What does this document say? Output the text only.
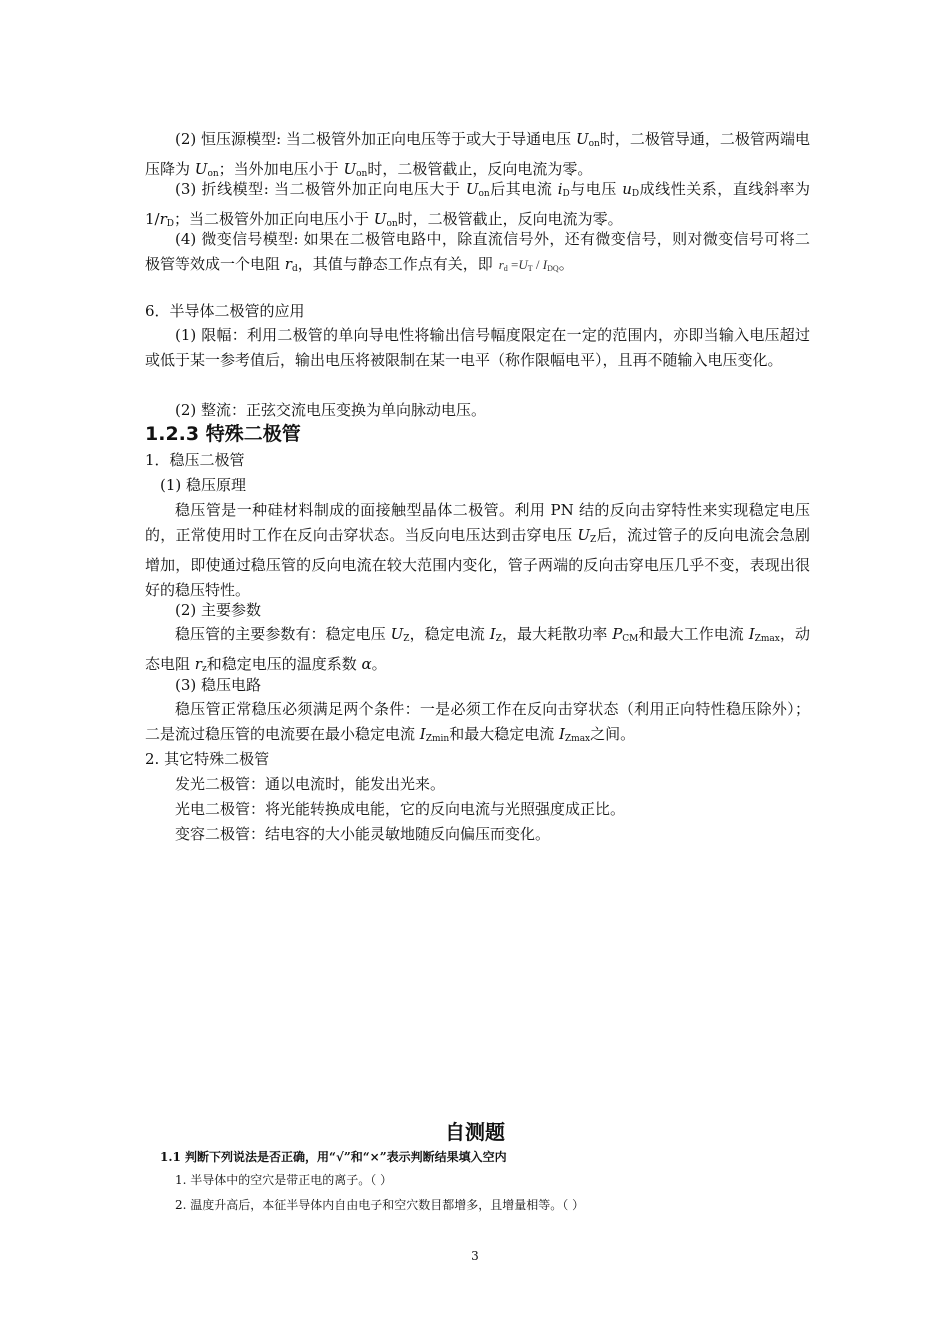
(2) 恒压源模型: 当二极管外加正向电压等于或大于导通电压 $U_{on}$时，二极管导通，二极管两端电压降为 $U_{on}$；当外加电压小于 $U_{on}$时，二极管截止，反向电流为零。

(3) 折线模型: 当二极管外加正向电压大于 $U_{on}$后其电流 $i_D$与电压 $u_D$成线性关系，直线斜率为 $1/r_D$；当二极管外加正向电压小于 $U_{on}$时，二极管截止，反向电流为零。

(4) 微变信号模型: 如果在二极管电路中，除直流信号外，还有微变信号，则对微变信号可将二极管等效成一个电阻 $r_d$，其值与静态工作点有关，即 $r_d =U_T / I_{DQ}$。

6．半导体二极管的应用

(1) 限幅：利用二极管的单向导电性将输出信号幅度限定在一定的范围内，亦即当输入电压超过或低于某一参考值后，输出电压将被限制在某一电平（称作限幅电平），且再不随输入电压变化。

(2) 整流：正弦交流电压变换为单向脉动电压。

1.2.3 特殊二极管

1．稳压二极管

(1) 稳压原理

稳压管是一种硅材料制成的面接触型晶体二极管。利用 PN 结的反向击穿特性来实现稳定电压的，正常使用时工作在反向击穿状态。当反向电压达到击穿电压 $U_Z$后，流过管子的反向电流会急剧增加，即使通过稳压管的反向电流在较大范围内变化，管子两端的反向击穿电压几乎不变，表现出很好的稳压特性。

(2) 主要参数

稳压管的主要参数有：稳定电压 $U_Z$，稳定电流 $I_Z$，最大耗散功率 $P_{CM}$和最大工作电流 $I_{Zmax}$，动态电阻 $r_z$和稳定电压的温度系数 α。

(3) 稳压电路

稳压管正常稳压必须满足两个条件：一是必须工作在反向击穿状态（利用正向特性稳压除外）；二是流过稳压管的电流要在最小稳定电流 $I_{Zmin}$和最大稳定电流 $I_{Zmax}$之间。

2. 其它特殊二极管

发光二极管：通以电流时，能发出光来。

光电二极管：将光能转换成电能，它的反向电流与光照强度成正比。

变容二极管：结电容的大小能灵敏地随反向偏压而变化。

自测题

1.1 判断下列说法是否正确，用“√”和“×”表示判断结果填入空内

1. 半导体中的空穴是带正电的离子。（ ）

2. 温度升高后，本征半导体内自由电子和空穴数目都增多，且增量相等。（ ）

3
